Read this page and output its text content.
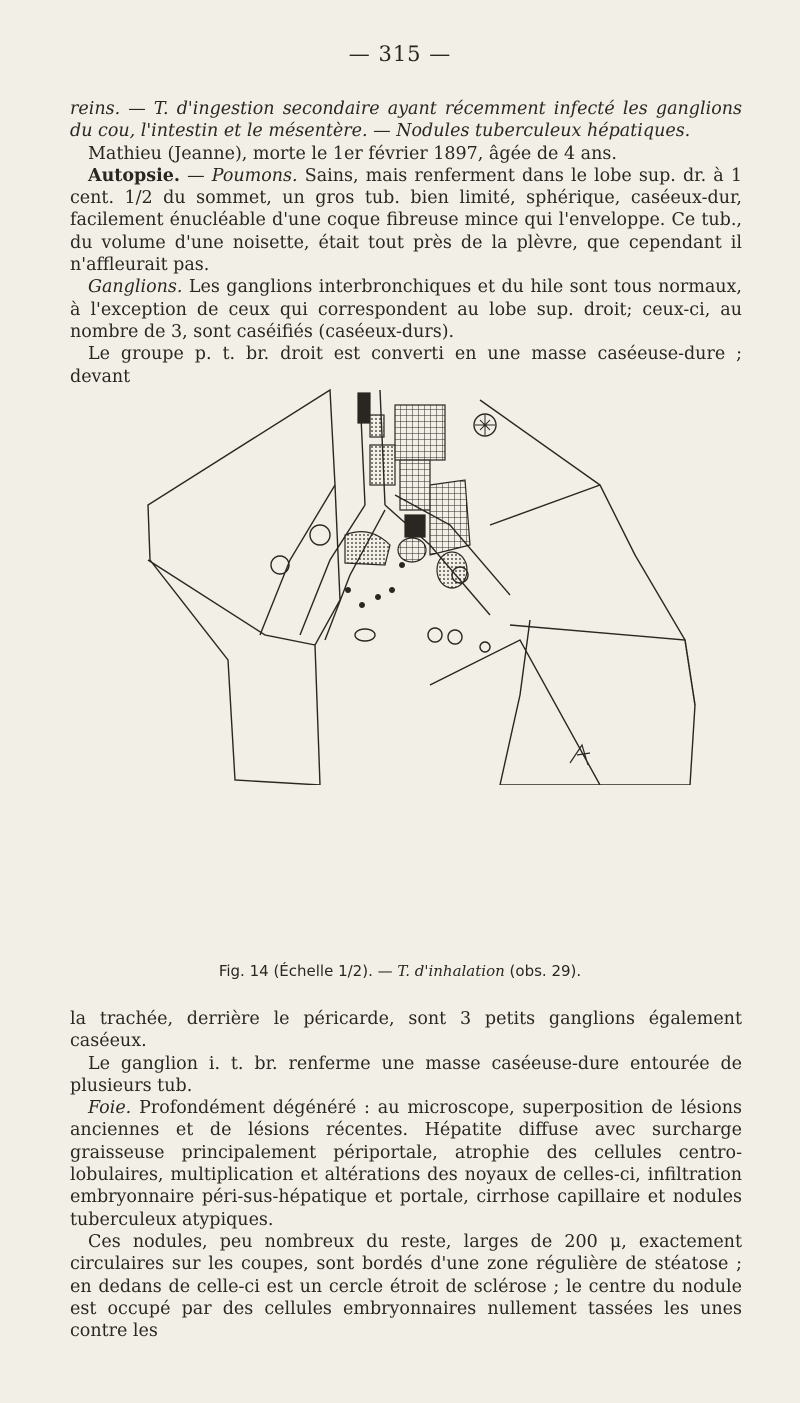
— 315 —

reins. — T. d'ingestion secondaire ayant récemment infecté les ganglions du cou, l'intestin et le mésentère. — Nodules tuberculeux hépatiques.

Mathieu (Jeanne), morte le 1er février 1897, âgée de 4 ans.

Autopsie. — Poumons. Sains, mais renferment dans le lobe sup. dr. à 1 cent. 1/2 du sommet, un gros tub. bien limité, sphérique, caséeux-dur, facilement énucléable d'une coque fibreuse mince qui l'enveloppe. Ce tub., du volume d'une noisette, était tout près de la plèvre, que cependant il n'affleurait pas.

Ganglions. Les ganglions interbronchiques et du hile sont tous normaux, à l'exception de ceux qui correspondent au lobe sup. droit; ceux-ci, au nombre de 3, sont caséifiés (caséeux-durs).

Le groupe p. t. br. droit est converti en une masse caséeuse-dure ; devant

Fig. 14 (Échelle 1/2). — T. d'inhalation (obs. 29).

la trachée, derrière le péricarde, sont 3 petits ganglions également caséeux.

Le ganglion i. t. br. renferme une masse caséeuse-dure entourée de plusieurs tub.

Foie. Profondément dégénéré : au microscope, superposition de lésions anciennes et de lésions récentes. Hépatite diffuse avec surcharge graisseuse principalement périportale, atrophie des cellules centro-lobulaires, multiplication et altérations des noyaux de celles-ci, infiltration embryonnaire péri-sus-hépatique et portale, cirrhose capillaire et nodules tuberculeux atypiques.

Ces nodules, peu nombreux du reste, larges de 200 μ, exactement circulaires sur les coupes, sont bordés d'une zone régulière de stéatose ; en dedans de celle-ci est un cercle étroit de sclérose ; le centre du nodule est occupé par des cellules embryonnaires nullement tassées les unes contre les
